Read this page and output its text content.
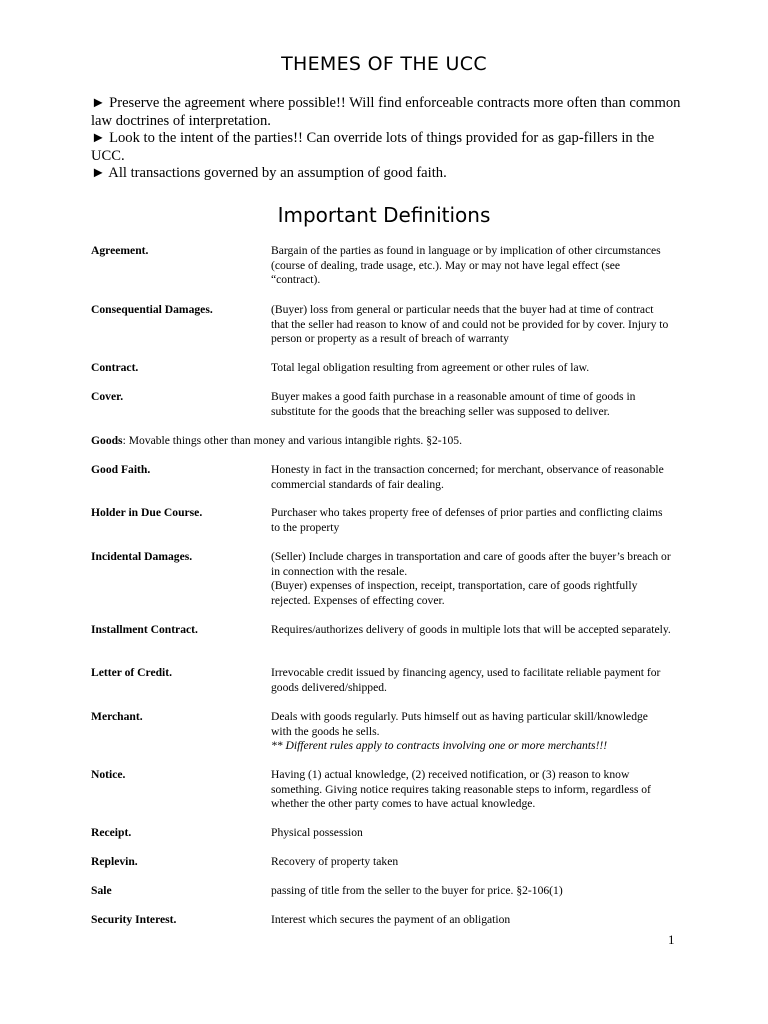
THEMES OF THE UCC

► Preserve the agreement where possible!! Will find enforceable contracts more often than common law doctrines of interpretation.

► Look to the intent of the parties!! Can override lots of things provided for as gap-fillers in the UCC.

► All transactions governed by an assumption of good faith.

Important Definitions
Agreement.	Bargain of the parties as found in language or by implication of other circumstances (course of dealing, trade usage, etc.). May or may not have legal effect (see “contract).

Consequential Damages.	(Buyer) loss from general or particular needs that the buyer had at time of contract that the seller had reason to know of and could not be provided for by cover. Injury to person or property as a result of breach of warranty

Contract.	Total legal obligation resulting from agreement or other rules of law.

Cover.	Buyer makes a good faith purchase in a reasonable amount of time of goods in substitute for the goods that the breaching seller was supposed to deliver.

Goods: Movable things other than money and various intangible rights. §2-105.
Good Faith.	Honesty in fact in the transaction concerned; for merchant, observance of reasonable commercial standards of fair dealing.

Holder in Due Course.	Purchaser who takes property free of defenses of prior parties and conflicting claims to the property

Incidental Damages.	(Seller) Include charges in transportation and care of goods after the buyer’s breach or in connection with the resale.

(Buyer) expenses of inspection, receipt, transportation, care of goods rightfully rejected. Expenses of effecting cover.

Installment Contract.	Requires/authorizes delivery of goods in multiple lots that will be accepted separately.

Letter of Credit.	Irrevocable credit issued by financing agency, used to facilitate reliable payment for goods delivered/shipped.

Merchant.	Deals with goods regularly. Puts himself out as having particular skill/knowledge with the goods he sells.

** Different rules apply to contracts involving one or more merchants!!!

Notice.	Having (1) actual knowledge, (2) received notification, or (3) reason to know something. Giving notice requires taking reasonable steps to inform, regardless of whether the other party comes to have actual knowledge.

Receipt.	Physical possession

Replevin.	Recovery of property taken

Sale	passing of title from the seller to the buyer for price. §2-106(1)

Security Interest.	Interest which secures the payment of an obligation

1
